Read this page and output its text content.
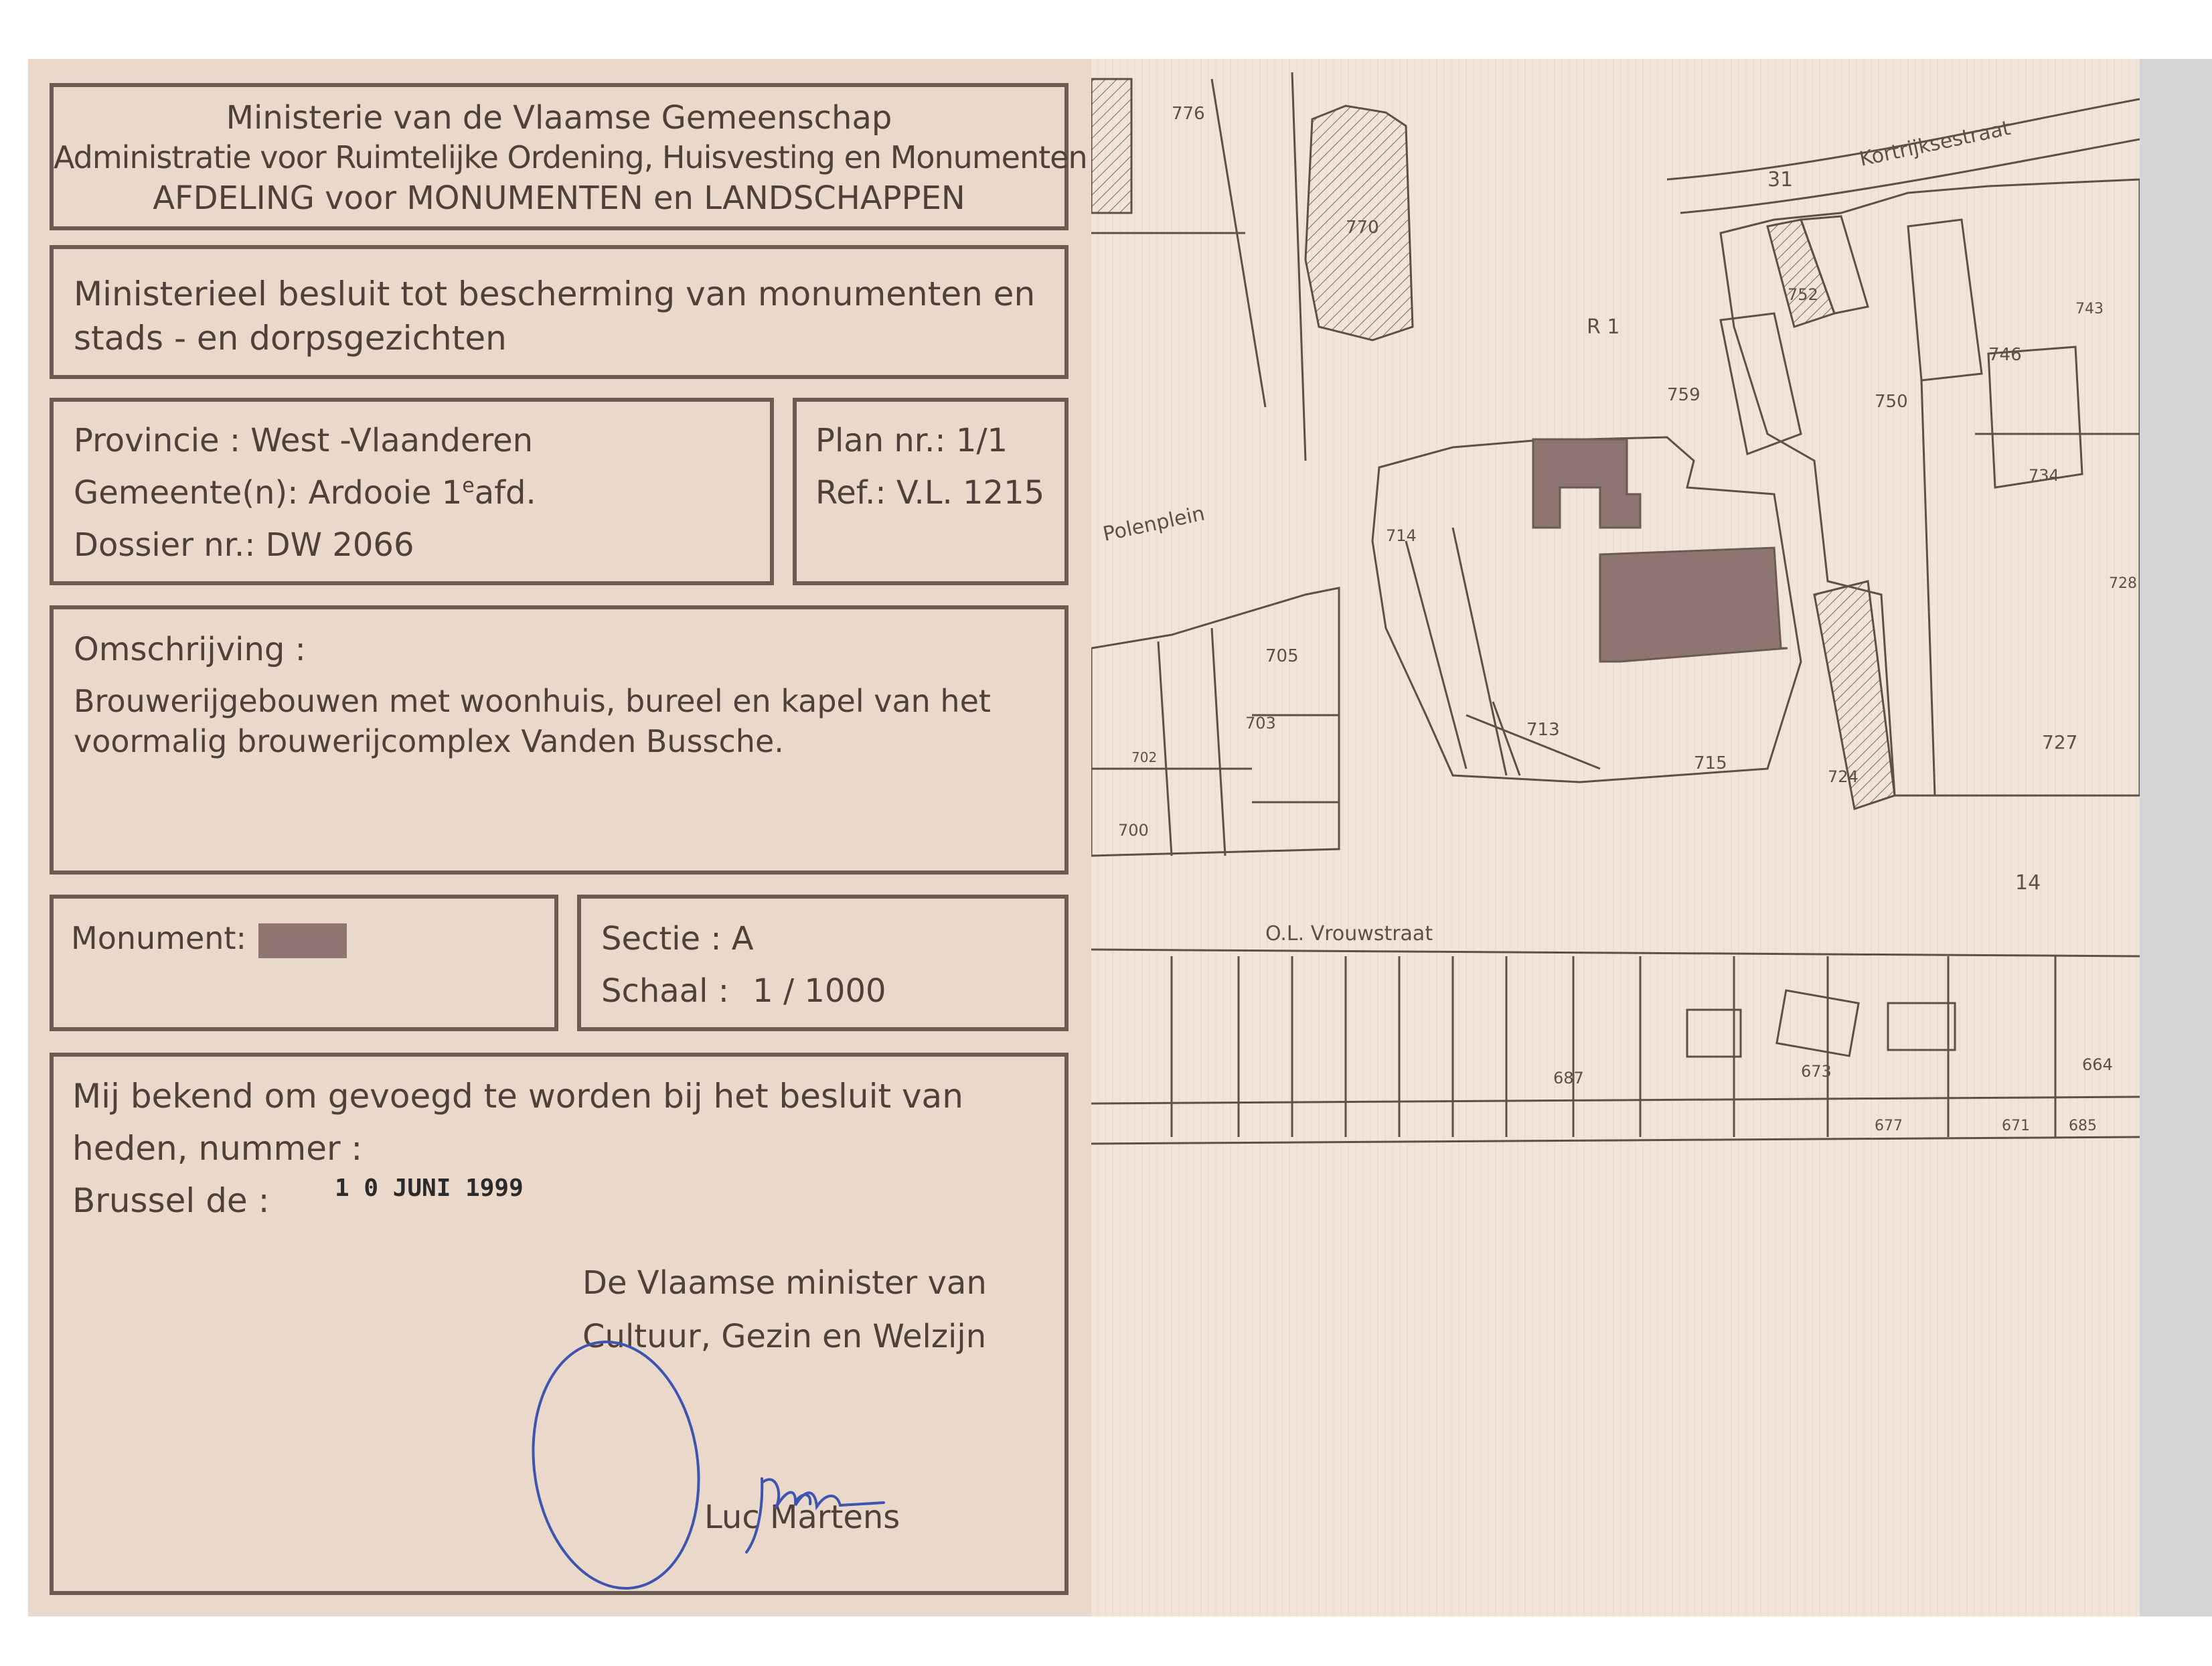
Ministerie van de Vlaamse Gemeenschap
Administratie voor Ruimtelijke Ordening, Huisvesting en Monumenten
AFDELING voor MONUMENTEN en LANDSCHAPPEN
Ministerieel besluit tot bescherming van monumenten en
stads - en dorpsgezichten
Provincie : West -Vlaanderen
Gemeente(n): Ardooie 1eafd.
Dossier nr.: DW 2066
Plan nr.: 1/1
Ref.: V.L. 1215
Omschrijving :
Brouwerijgebouwen met woonhuis, bureel en kapel van het
voormalig brouwerijcomplex Vanden Bussche.
Monument:	Sectie : A
Schaal : 1 / 1000
Mij bekend om gevoegd te worden bij het besluit van
heden, nummer :
Brussel de :	1 0 JUNI 1999
De Vlaamse minister van
Cultuur, Gezin en Welzijn
Luc Martens
Kortrijksestraat
Polenplein
O.L. Vrouwstraat
R 1
31
14
776
770
752
750
746
759
714
713
715
724
727
705
703
700
687	673	664
734
728
743
677	671	685
702
